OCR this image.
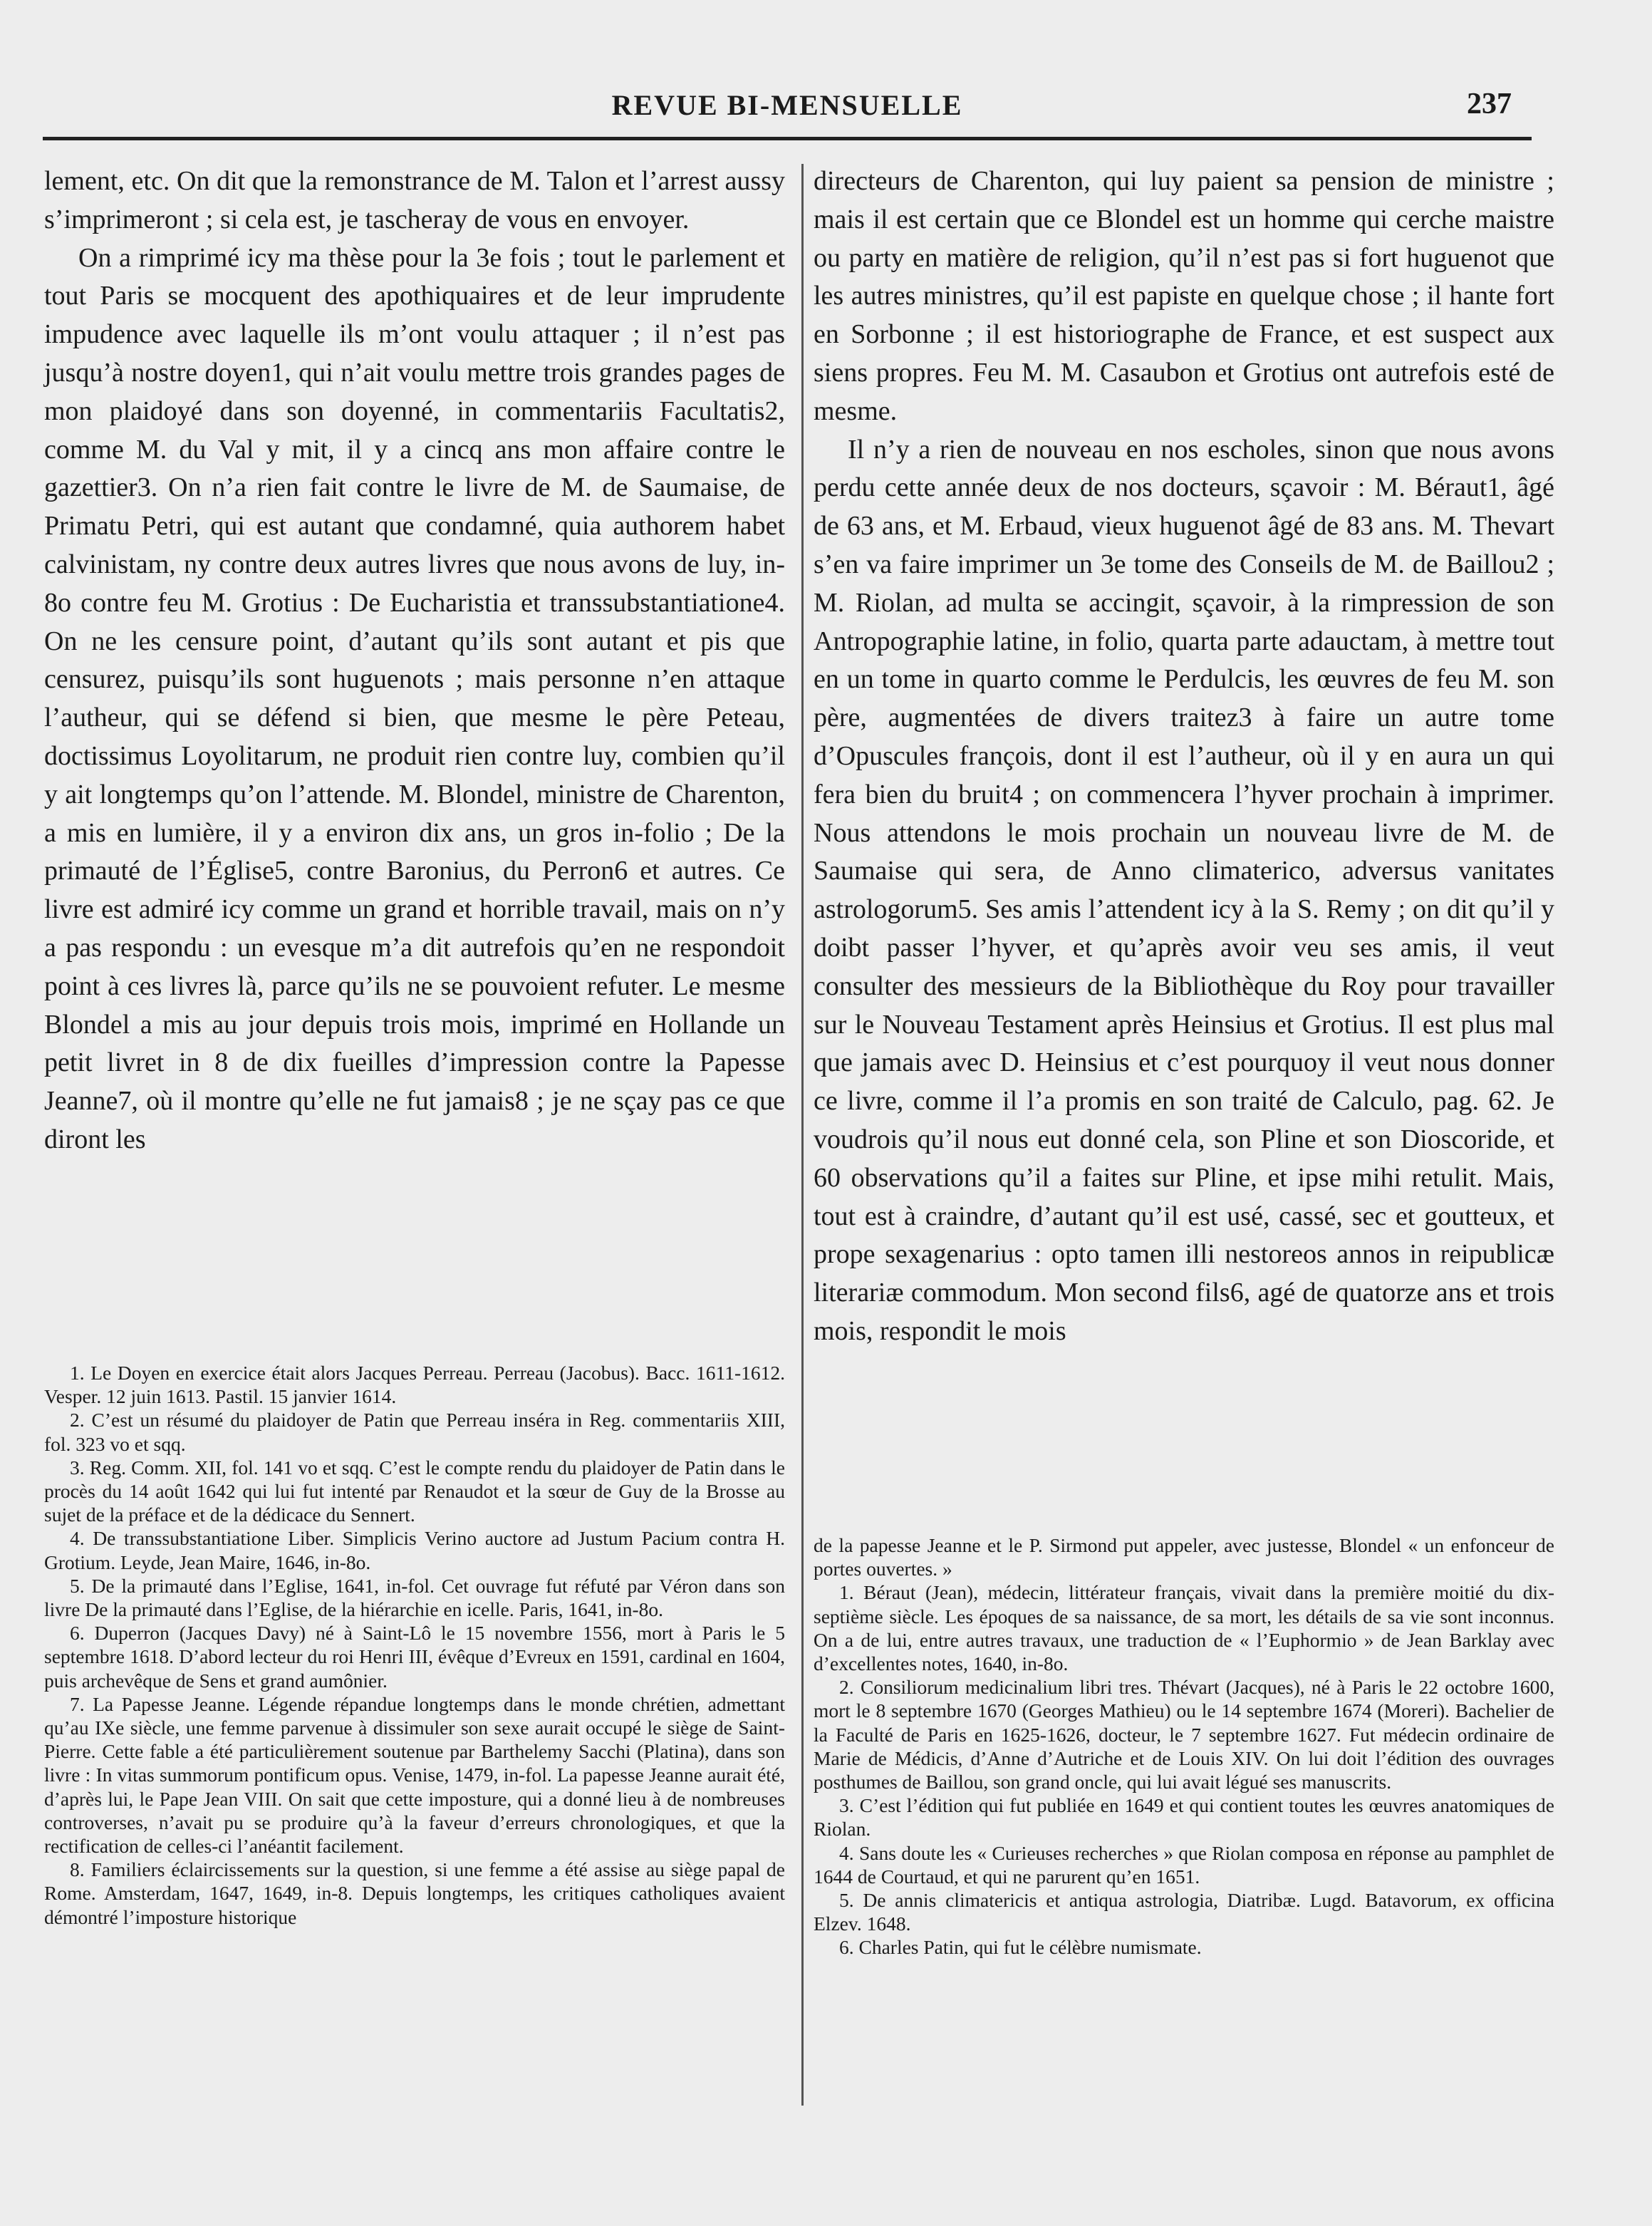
REVUE BI-MENSUELLE	237

lement, etc. On dit que la remonstrance de M. Talon et l’arrest aussy s’imprimeront ; si cela est, je tascheray de vous en envoyer.

On a rimprimé icy ma thèse pour la 3e fois ; tout le parlement et tout Paris se mocquent des apothiquaires et de leur imprudente impudence avec laquelle ils m’ont voulu attaquer ; il n’est pas jusqu’à nostre doyen1, qui n’ait voulu mettre trois grandes pages de mon plaidoyé dans son doyenné, in commentariis Facultatis2, comme M. du Val y mit, il y a cincq ans mon affaire contre le gazettier3. On n’a rien fait contre le livre de M. de Saumaise, de Primatu Petri, qui est autant que condamné, quia authorem habet calvinistam, ny contre deux autres livres que nous avons de luy, in-8o contre feu M. Grotius : De Eucharistia et transsubstantiatione4. On ne les censure point, d’autant qu’ils sont autant et pis que censurez, puisqu’ils sont huguenots ; mais personne n’en attaque l’autheur, qui se défend si bien, que mesme le père Peteau, doctissimus Loyolitarum, ne produit rien contre luy, combien qu’il y ait longtemps qu’on l’attende. M. Blondel, ministre de Charenton, a mis en lumière, il y a environ dix ans, un gros in-folio ; De la primauté de l’Église5, contre Baronius, du Perron6 et autres. Ce livre est admiré icy comme un grand et horrible travail, mais on n’y a pas respondu : un evesque m’a dit autrefois qu’en ne respondoit point à ces livres là, parce qu’ils ne se pouvoient refuter. Le mesme Blondel a mis au jour depuis trois mois, imprimé en Hollande un petit livret in 8 de dix fueilles d’impression contre la Papesse Jeanne7, où il montre qu’elle ne fut jamais8 ; je ne sçay pas ce que diront les

directeurs de Charenton, qui luy paient sa pension de ministre ; mais il est certain que ce Blondel est un homme qui cerche maistre ou party en matière de religion, qu’il n’est pas si fort huguenot que les autres ministres, qu’il est papiste en quelque chose ; il hante fort en Sorbonne ; il est historiographe de France, et est suspect aux siens propres. Feu M. M. Casaubon et Grotius ont autrefois esté de mesme.

Il n’y a rien de nouveau en nos escholes, sinon que nous avons perdu cette année deux de nos docteurs, sçavoir : M. Béraut1, âgé de 63 ans, et M. Erbaud, vieux huguenot âgé de 83 ans. M. Thevart s’en va faire imprimer un 3e tome des Conseils de M. de Baillou2 ; M. Riolan, ad multa se accingit, sçavoir, à la rimpression de son Antropographie latine, in folio, quarta parte adauctam, à mettre tout en un tome in quarto comme le Perdulcis, les œuvres de feu M. son père, augmentées de divers traitez3 à faire un autre tome d’Opuscules françois, dont il est l’autheur, où il y en aura un qui fera bien du bruit4 ; on commencera l’hyver prochain à imprimer. Nous attendons le mois prochain un nouveau livre de M. de Saumaise qui sera, de Anno climaterico, adversus vanitates astrologorum5. Ses amis l’attendent icy à la S. Remy ; on dit qu’il y doibt passer l’hyver, et qu’après avoir veu ses amis, il veut consulter des messieurs de la Bibliothèque du Roy pour travailler sur le Nouveau Testament après Heinsius et Grotius. Il est plus mal que jamais avec D. Heinsius et c’est pourquoy il veut nous donner ce livre, comme il l’a promis en son traité de Calculo, pag. 62. Je voudrois qu’il nous eut donné cela, son Pline et son Dioscoride, et 60 observations qu’il a faites sur Pline, et ipse mihi retulit. Mais, tout est à craindre, d’autant qu’il est usé, cassé, sec et goutteux, et prope sexagenarius : opto tamen illi nestoreos annos in reipublicæ literariæ commodum. Mon second fils6, agé de quatorze ans et trois mois, respondit le mois

1. Le Doyen en exercice était alors Jacques Perreau. Perreau (Jacobus). Bacc. 1611-1612. Vesper. 12 juin 1613. Pastil. 15 janvier 1614.

2. C’est un résumé du plaidoyer de Patin que Perreau inséra in Reg. commentariis XIII, fol. 323 vo et sqq.

3. Reg. Comm. XII, fol. 141 vo et sqq. C’est le compte rendu du plaidoyer de Patin dans le procès du 14 août 1642 qui lui fut intenté par Renaudot et la sœur de Guy de la Brosse au sujet de la préface et de la dédicace du Sennert.

4. De transsubstantiatione Liber. Simplicis Verino auctore ad Justum Pacium contra H. Grotium. Leyde, Jean Maire, 1646, in-8o.

5. De la primauté dans l’Eglise, 1641, in-fol. Cet ouvrage fut réfuté par Véron dans son livre De la primauté dans l’Eglise, de la hiérarchie en icelle. Paris, 1641, in-8o.

6. Duperron (Jacques Davy) né à Saint-Lô le 15 novembre 1556, mort à Paris le 5 septembre 1618. D’abord lecteur du roi Henri III, évêque d’Evreux en 1591, cardinal en 1604, puis archevêque de Sens et grand aumônier.

7. La Papesse Jeanne. Légende répandue longtemps dans le monde chrétien, admettant qu’au IXe siècle, une femme parvenue à dissimuler son sexe aurait occupé le siège de Saint-Pierre. Cette fable a été particulièrement soutenue par Barthelemy Sacchi (Platina), dans son livre : In vitas summorum pontificum opus. Venise, 1479, in-fol. La papesse Jeanne aurait été, d’après lui, le Pape Jean VIII. On sait que cette imposture, qui a donné lieu à de nombreuses controverses, n’avait pu se produire qu’à la faveur d’erreurs chronologiques, et que la rectification de celles-ci l’anéantit facilement.

8. Familiers éclaircissements sur la question, si une femme a été assise au siège papal de Rome. Amsterdam, 1647, 1649, in-8. Depuis longtemps, les critiques catholiques avaient démontré l’imposture historique

de la papesse Jeanne et le P. Sirmond put appeler, avec justesse, Blondel « un enfonceur de portes ouvertes. »

1. Béraut (Jean), médecin, littérateur français, vivait dans la première moitié du dix-septième siècle. Les époques de sa naissance, de sa mort, les détails de sa vie sont inconnus. On a de lui, entre autres travaux, une traduction de « l’Euphormio » de Jean Barklay avec d’excellentes notes, 1640, in-8o.

2. Consiliorum medicinalium libri tres. Thévart (Jacques), né à Paris le 22 octobre 1600, mort le 8 septembre 1670 (Georges Mathieu) ou le 14 septembre 1674 (Moreri). Bachelier de la Faculté de Paris en 1625-1626, docteur, le 7 septembre 1627. Fut médecin ordinaire de Marie de Médicis, d’Anne d’Autriche et de Louis XIV. On lui doit l’édition des ouvrages posthumes de Baillou, son grand oncle, qui lui avait légué ses manuscrits.

3. C’est l’édition qui fut publiée en 1649 et qui contient toutes les œuvres anatomiques de Riolan.

4. Sans doute les « Curieuses recherches » que Riolan composa en réponse au pamphlet de 1644 de Courtaud, et qui ne parurent qu’en 1651.

5. De annis climatericis et antiqua astrologia, Diatribæ. Lugd. Batavorum, ex officina Elzev. 1648.

6. Charles Patin, qui fut le célèbre numismate.
